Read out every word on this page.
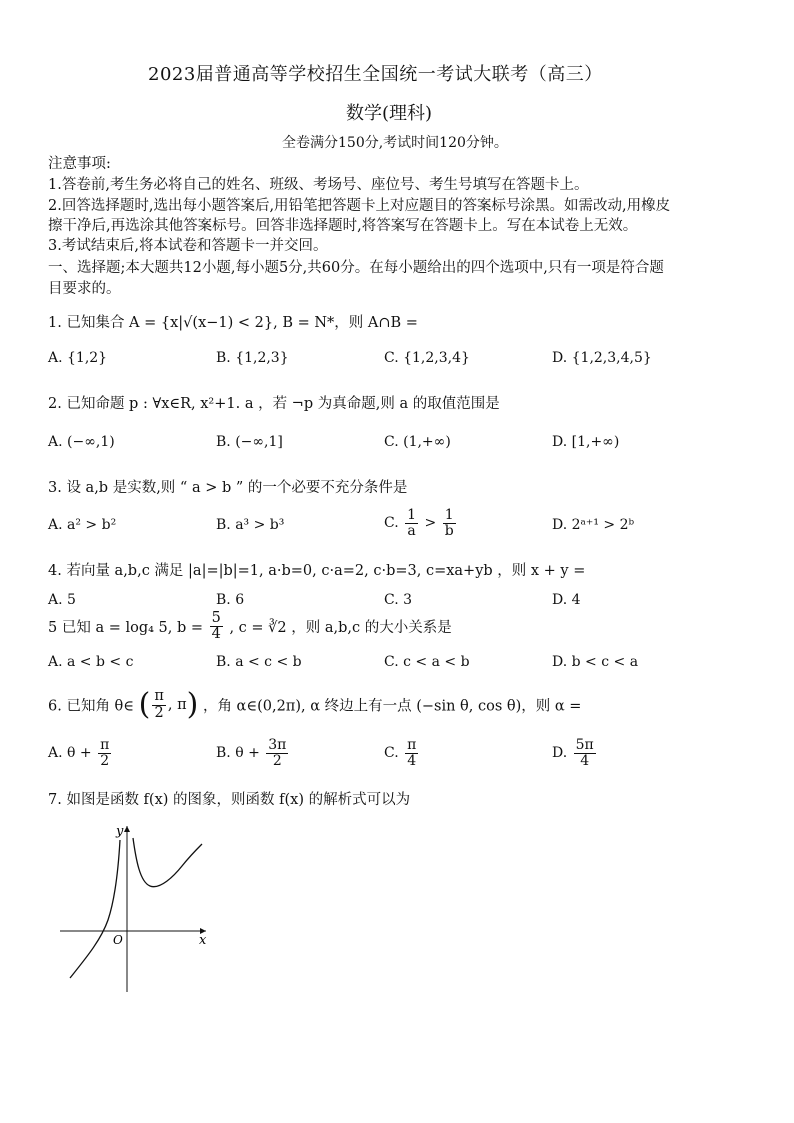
2023届普通高等学校招生全国统一考试大联考（高三）
数学(理科)
全卷满分150分,考试时间120分钟。
注意事项:
1.答卷前,考生务必将自己的姓名、班级、考场号、座位号、考生号填写在答题卡上。
2.回答选择题时,选出每小题答案后,用铅笔把答题卡上对应题目的答案标号涂黑。如需改动,用橡皮
擦干净后,再选涂其他答案标号。回答非选择题时,将答案写在答题卡上。写在本试卷上无效。
3.考试结束后,将本试卷和答题卡一并交回。
一、选择题;本大题共12小题,每小题5分,共60分。在每小题给出的四个选项中,只有一项是符合题
目要求的。
1. 已知集合 A = {x|√(x−1) < 2}, B = N*，则 A∩B =
A. {1,2}	B. {1,2,3}	C. {1,2,3,4}	D. {1,2,3,4,5}
2. 已知命题 p : ∀x∈R, x²+1. a ，若 ¬p 为真命题,则 a 的取值范围是
A. (−∞,1)	B. (−∞,1]	C. (1,+∞)	D. [1,+∞)
3. 设 a,b 是实数,则 “ a > b ” 的一个必要不充分条件是
A. a² > b²	B. a³ > b³	C. $\frac{1}{a} > \frac{1}{b}$	D. 2ᵃ⁺¹ > 2ᵇ
4. 若向量 a,b,c 满足 |a|=|b|=1, a·b=0, c·a=2, c·b=3, c=xa+yb ，则 x + y =
A. 5	B. 6	C. 3	D. 4
5 已知 a = log₄ 5, $b = \frac{5}{4}$ , c = ∛2 ，则 a,b,c 的大小关系是
A. a < b < c	B. a < c < b	C. c < a < b	D. b < c < a
6. 已知角 θ∈ ( $\frac{\pi}{2}$ , π) ，角 α∈(0,2π), α 终边上有一点 (−sin θ, cos θ)，则 α =
A. $\theta + \frac{\pi}{2}$	B. $\theta + \frac{3\pi}{2}$	C. $\frac{\pi}{4}$	D. $\frac{5\pi}{4}$
7. 如图是函数 f(x) 的图象，则函数 f(x) 的解析式可以为
y
x
O
